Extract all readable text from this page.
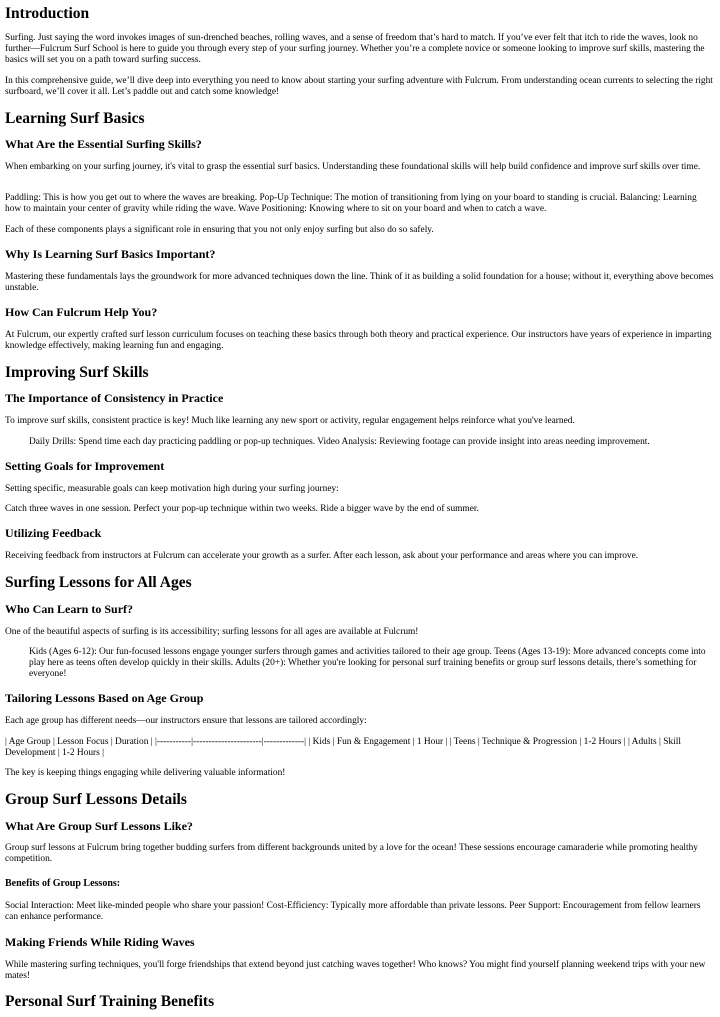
Introduction

Surfing. Just saying the word invokes images of sun-drenched beaches, rolling waves, and a sense of freedom that’s hard to match. If you’ve ever felt that itch to ride the waves, look no further—Fulcrum Surf School is here to guide you through every step of your surfing journey. Whether you’re a complete novice or someone looking to improve surf skills, mastering the basics will set you on a path toward surfing success.

In this comprehensive guide, we’ll dive deep into everything you need to know about starting your surfing adventure with Fulcrum. From understanding ocean currents to selecting the right surfboard, we’ll cover it all. Let’s paddle out and catch some knowledge!

Learning Surf Basics
What Are the Essential Surfing Skills?

When embarking on your surfing journey, it's vital to grasp the essential surf basics. Understanding these foundational skills will help build confidence and improve surf skills over time.

Paddling: This is how you get out to where the waves are breaking. Pop-Up Technique: The motion of transitioning from lying on your board to standing is crucial. Balancing: Learning how to maintain your center of gravity while riding the wave. Wave Positioning: Knowing where to sit on your board and when to catch a wave.

Each of these components plays a significant role in ensuring that you not only enjoy surfing but also do so safely.

Why Is Learning Surf Basics Important?

Mastering these fundamentals lays the groundwork for more advanced techniques down the line. Think of it as building a solid foundation for a house; without it, everything above becomes unstable.

How Can Fulcrum Help You?

At Fulcrum, our expertly crafted surf lesson curriculum focuses on teaching these basics through both theory and practical experience. Our instructors have years of experience in imparting knowledge effectively, making learning fun and engaging.

Improving Surf Skills
The Importance of Consistency in Practice

To improve surf skills, consistent practice is key! Much like learning any new sport or activity, regular engagement helps reinforce what you've learned.

Daily Drills: Spend time each day practicing paddling or pop-up techniques. Video Analysis: Reviewing footage can provide insight into areas needing improvement.

Setting Goals for Improvement

Setting specific, measurable goals can keep motivation high during your surfing journey:

Catch three waves in one session. Perfect your pop-up technique within two weeks. Ride a bigger wave by the end of summer.

Utilizing Feedback

Receiving feedback from instructors at Fulcrum can accelerate your growth as a surfer. After each lesson, ask about your performance and areas where you can improve.

Surfing Lessons for All Ages
Who Can Learn to Surf?

One of the beautiful aspects of surfing is its accessibility; surfing lessons for all ages are available at Fulcrum!

Kids (Ages 6-12): Our fun-focused lessons engage younger surfers through games and activities tailored to their age group. Teens (Ages 13-19): More advanced concepts come into play here as teens often develop quickly in their skills. Adults (20+): Whether you're looking for personal surf training benefits or group surf lessons details, there’s something for everyone!

Tailoring Lessons Based on Age Group

Each age group has different needs—our instructors ensure that lessons are tailored accordingly:

| Age Group | Lesson Focus | Duration | |-----------|----------------------|-------------| | Kids | Fun & Engagement | 1 Hour | | Teens | Technique & Progression | 1-2 Hours | | Adults | Skill Development | 1-2 Hours |

The key is keeping things engaging while delivering valuable information!

Group Surf Lessons Details
What Are Group Surf Lessons Like?

Group surf lessons at Fulcrum bring together budding surfers from different backgrounds united by a love for the ocean! These sessions encourage camaraderie while promoting healthy competition.

Benefits of Group Lessons:

Social Interaction: Meet like-minded people who share your passion! Cost-Efficiency: Typically more affordable than private lessons. Peer Support: Encouragement from fellow learners can enhance performance.

Making Friends While Riding Waves

While mastering surfing techniques, you'll forge friendships that extend beyond just catching waves together! Who knows? You might find yourself planning weekend trips with your new mates!

Personal Surf Training Benefits
